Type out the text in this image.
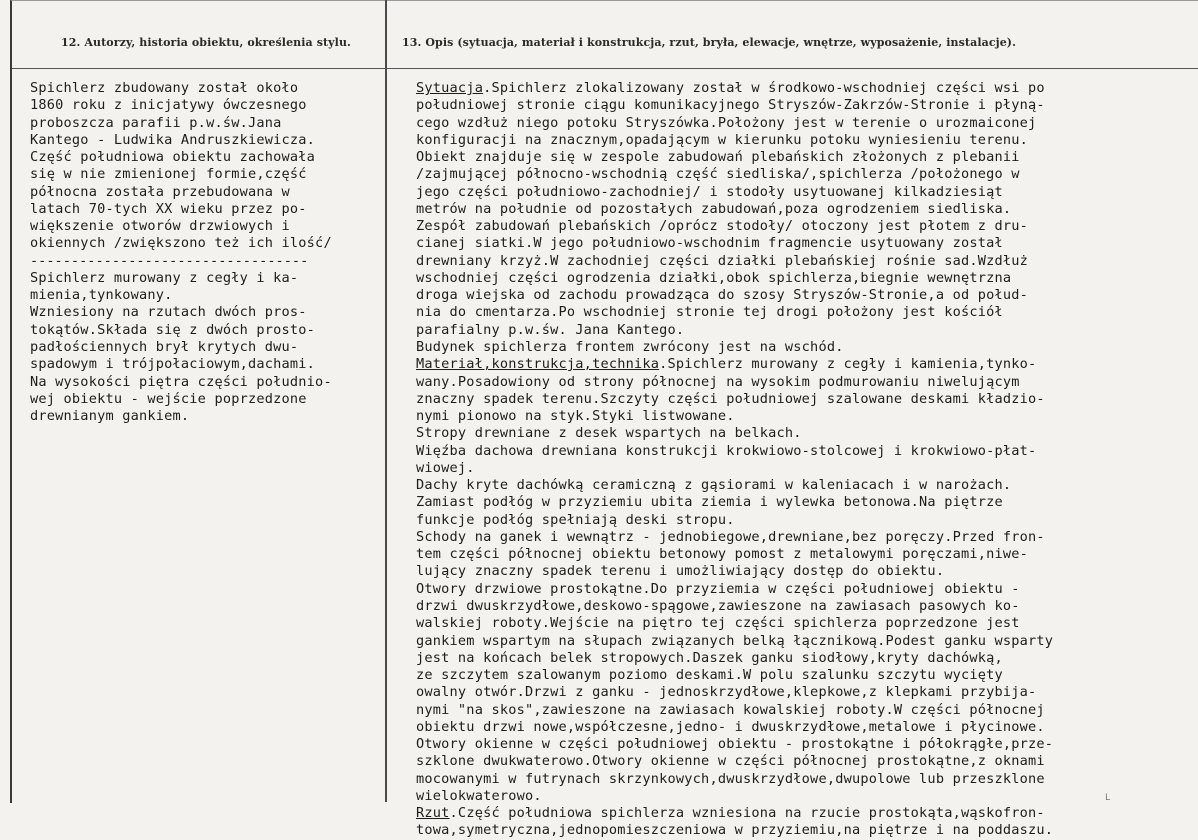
12. Autorzy, historia obiektu, określenia stylu.	13. Opis (sytuacja, materiał i konstrukcja, rzut, bryła, elewacje, wnętrze, wyposażenie, instalacje).
Spichlerz zbudowany został około
1860 roku z inicjatywy ówczesnego
proboszcza parafii p.w.św.Jana
Kantego - Ludwika Andruszkiewicza.
Część południowa obiektu zachowała
się w nie zmienionej formie,część
północna została przebudowana w
latach 70-tych XX wieku przez po-
większenie otworów drzwiowych i
okiennych /zwiększono też ich ilość/
----------------------------------
Spichlerz murowany z cegły i ka-
mienia,tynkowany.
Wzniesiony na rzutach dwóch pros-
tokątów.Składa się z dwóch prosto-
padłościennych brył krytych dwu-
spadowym i trójpołaciowym,dachami.
Na wysokości piętra części południo-
wej obiektu - wejście poprzedzone
drewnianym gankiem.
Sytuacja.Spichlerz zlokalizowany został w środkowo-wschodniej części wsi po
południowej stronie ciągu komunikacyjnego Stryszów-Zakrzów-Stronie i płyną-
cego wzdłuż niego potoku Stryszówka.Położony jest w terenie o urozmaiconej
konfiguracji na znacznym,opadającym w kierunku potoku wyniesieniu terenu.
Obiekt znajduje się w zespole zabudowań plebańskich złożonych z plebanii
/zajmującej północno-wschodnią część siedliska/,spichlerza /położonego w
jego części południowo-zachodniej/ i stodoły usytuowanej kilkadziesiąt
metrów na południe od pozostałych zabudowań,poza ogrodzeniem siedliska.
Zespół zabudowań plebańskich /oprócz stodoły/ otoczony jest płotem z dru-
cianej siatki.W jego południowo-wschodnim fragmencie usytuowany został
drewniany krzyż.W zachodniej części działki plebańskiej rośnie sad.Wzdłuż
wschodniej części ogrodzenia działki,obok spichlerza,biegnie wewnętrzna
droga wiejska od zachodu prowadząca do szosy Stryszów-Stronie,a od połud-
nia do cmentarza.Po wschodniej stronie tej drogi położony jest kościół
parafialny p.w.św. Jana Kantego.
Budynek spichlerza frontem zwrócony jest na wschód.
Materiał,konstrukcja,technika.Spichlerz murowany z cegły i kamienia,tynko-
wany.Posadowiony od strony północnej na wysokim podmurowaniu niwelującym
znaczny spadek terenu.Szczyty części południowej szalowane deskami kładzio-
nymi pionowo na styk.Styki listwowane.
Stropy drewniane z desek wspartych na belkach.
Więźba dachowa drewniana konstrukcji krokwiowo-stolcowej i krokwiowo-płat-
wiowej.
Dachy kryte dachówką ceramiczną z gąsiorami w kaleniacach i w narożach.
Zamiast podłóg w przyziemiu ubita ziemia i wylewka betonowa.Na piętrze
funkcje podłóg spełniają deski stropu.
Schody na ganek i wewnątrz - jednobiegowe,drewniane,bez poręczy.Przed fron-
tem części północnej obiektu betonowy pomost z metalowymi poręczami,niwe-
lujący znaczny spadek terenu i umożliwiający dostęp do obiektu.
Otwory drzwiowe prostokątne.Do przyziemia w części południowej obiektu -
drzwi dwuskrzydłowe,deskowo-spągowe,zawieszone na zawiasach pasowych ko-
walskiej roboty.Wejście na piętro tej części spichlerza poprzedzone jest
gankiem wspartym na słupach związanych belką łącznikową.Podest ganku wsparty
jest na końcach belek stropowych.Daszek ganku siodłowy,kryty dachówką,
ze szczytem szalowanym poziomo deskami.W polu szalunku szczytu wycięty
owalny otwór.Drzwi z ganku - jednoskrzydłowe,klepkowe,z klepkami przybija-
nymi "na skos",zawieszone na zawiasach kowalskiej roboty.W części północnej
obiektu drzwi nowe,współczesne,jedno- i dwuskrzydłowe,metalowe i płycinowe.
Otwory okienne w części południowej obiektu - prostokątne i półokrągłe,prze-
szklone dwukwaterowo.Otwory okienne w części północnej prostokątne,z oknami
mocowanymi w futrynach skrzynkowych,dwuskrzydłowe,dwupolowe lub przeszklone
wielokwaterowo.
Rzut.Część południowa spichlerza wzniesiona na rzucie prostokąta,wąskofron-
towa,symetryczna,jednopomieszczeniowa w przyziemiu,na piętrze i na poddaszu.
L
